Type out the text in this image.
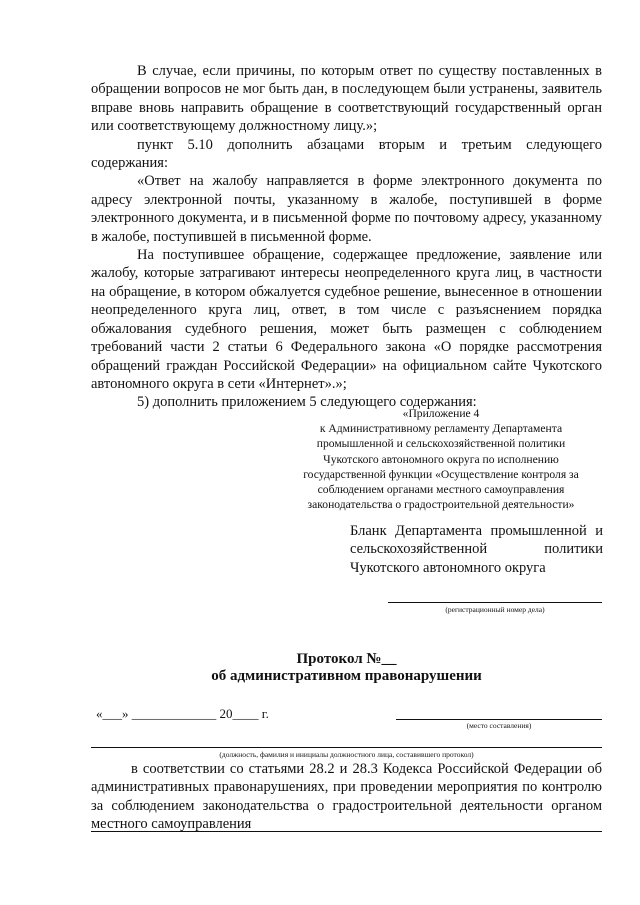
В случае, если причины, по которым ответ по существу поставленных в обращении вопросов не мог быть дан, в последующем были устранены, заявитель вправе вновь направить обращение в соответствующий государственный орган или соответствующему должностному лицу.»;

пункт 5.10 дополнить абзацами вторым и третьим следующего содержания:

«Ответ на жалобу направляется в форме электронного документа по адресу электронной почты, указанному в жалобе, поступившей в форме электронного документа, и в письменной форме по почтовому адресу, указанному в жалобе, поступившей в письменной форме.

На поступившее обращение, содержащее предложение, заявление или жалобу, которые затрагивают интересы неопределенного круга лиц, в частности на обращение, в котором обжалуется судебное решение, вынесенное в отношении неопределенного круга лиц, ответ, в том числе с разъяснением порядка обжалования судебного решения, может быть размещен с соблюдением требований части 2 статьи 6 Федерального закона «О порядке рассмотрения обращений граждан Российской Федерации» на официальном сайте Чукотского автономного округа в сети «Интернет».»;

5) дополнить приложением 5 следующего содержания:

«Приложение 4
к Административному регламенту Департамента
промышленной и сельскохозяйственной политики
Чукотского автономного округа по исполнению
государственной функции «Осуществление контроля за
соблюдением органами местного самоуправления
законодательства о градостроительной деятельности»
Бланк Департамента промышленной и
сельскохозяйственной политики
Чукотского автономного округа
(регистрационный номер дела)
Протокол №__
об административном правонарушении
«___» _____________ 20____ г.
(место составления)
(должность, фамилия и инициалы должностного лица, составившего протокол)

в соответствии со статьями 28.2 и 28.3 Кодекса Российской Федерации об административных правонарушениях, при проведении мероприятия по контролю за соблюдением законодательства о градостроительной деятельности органом местного самоуправления
